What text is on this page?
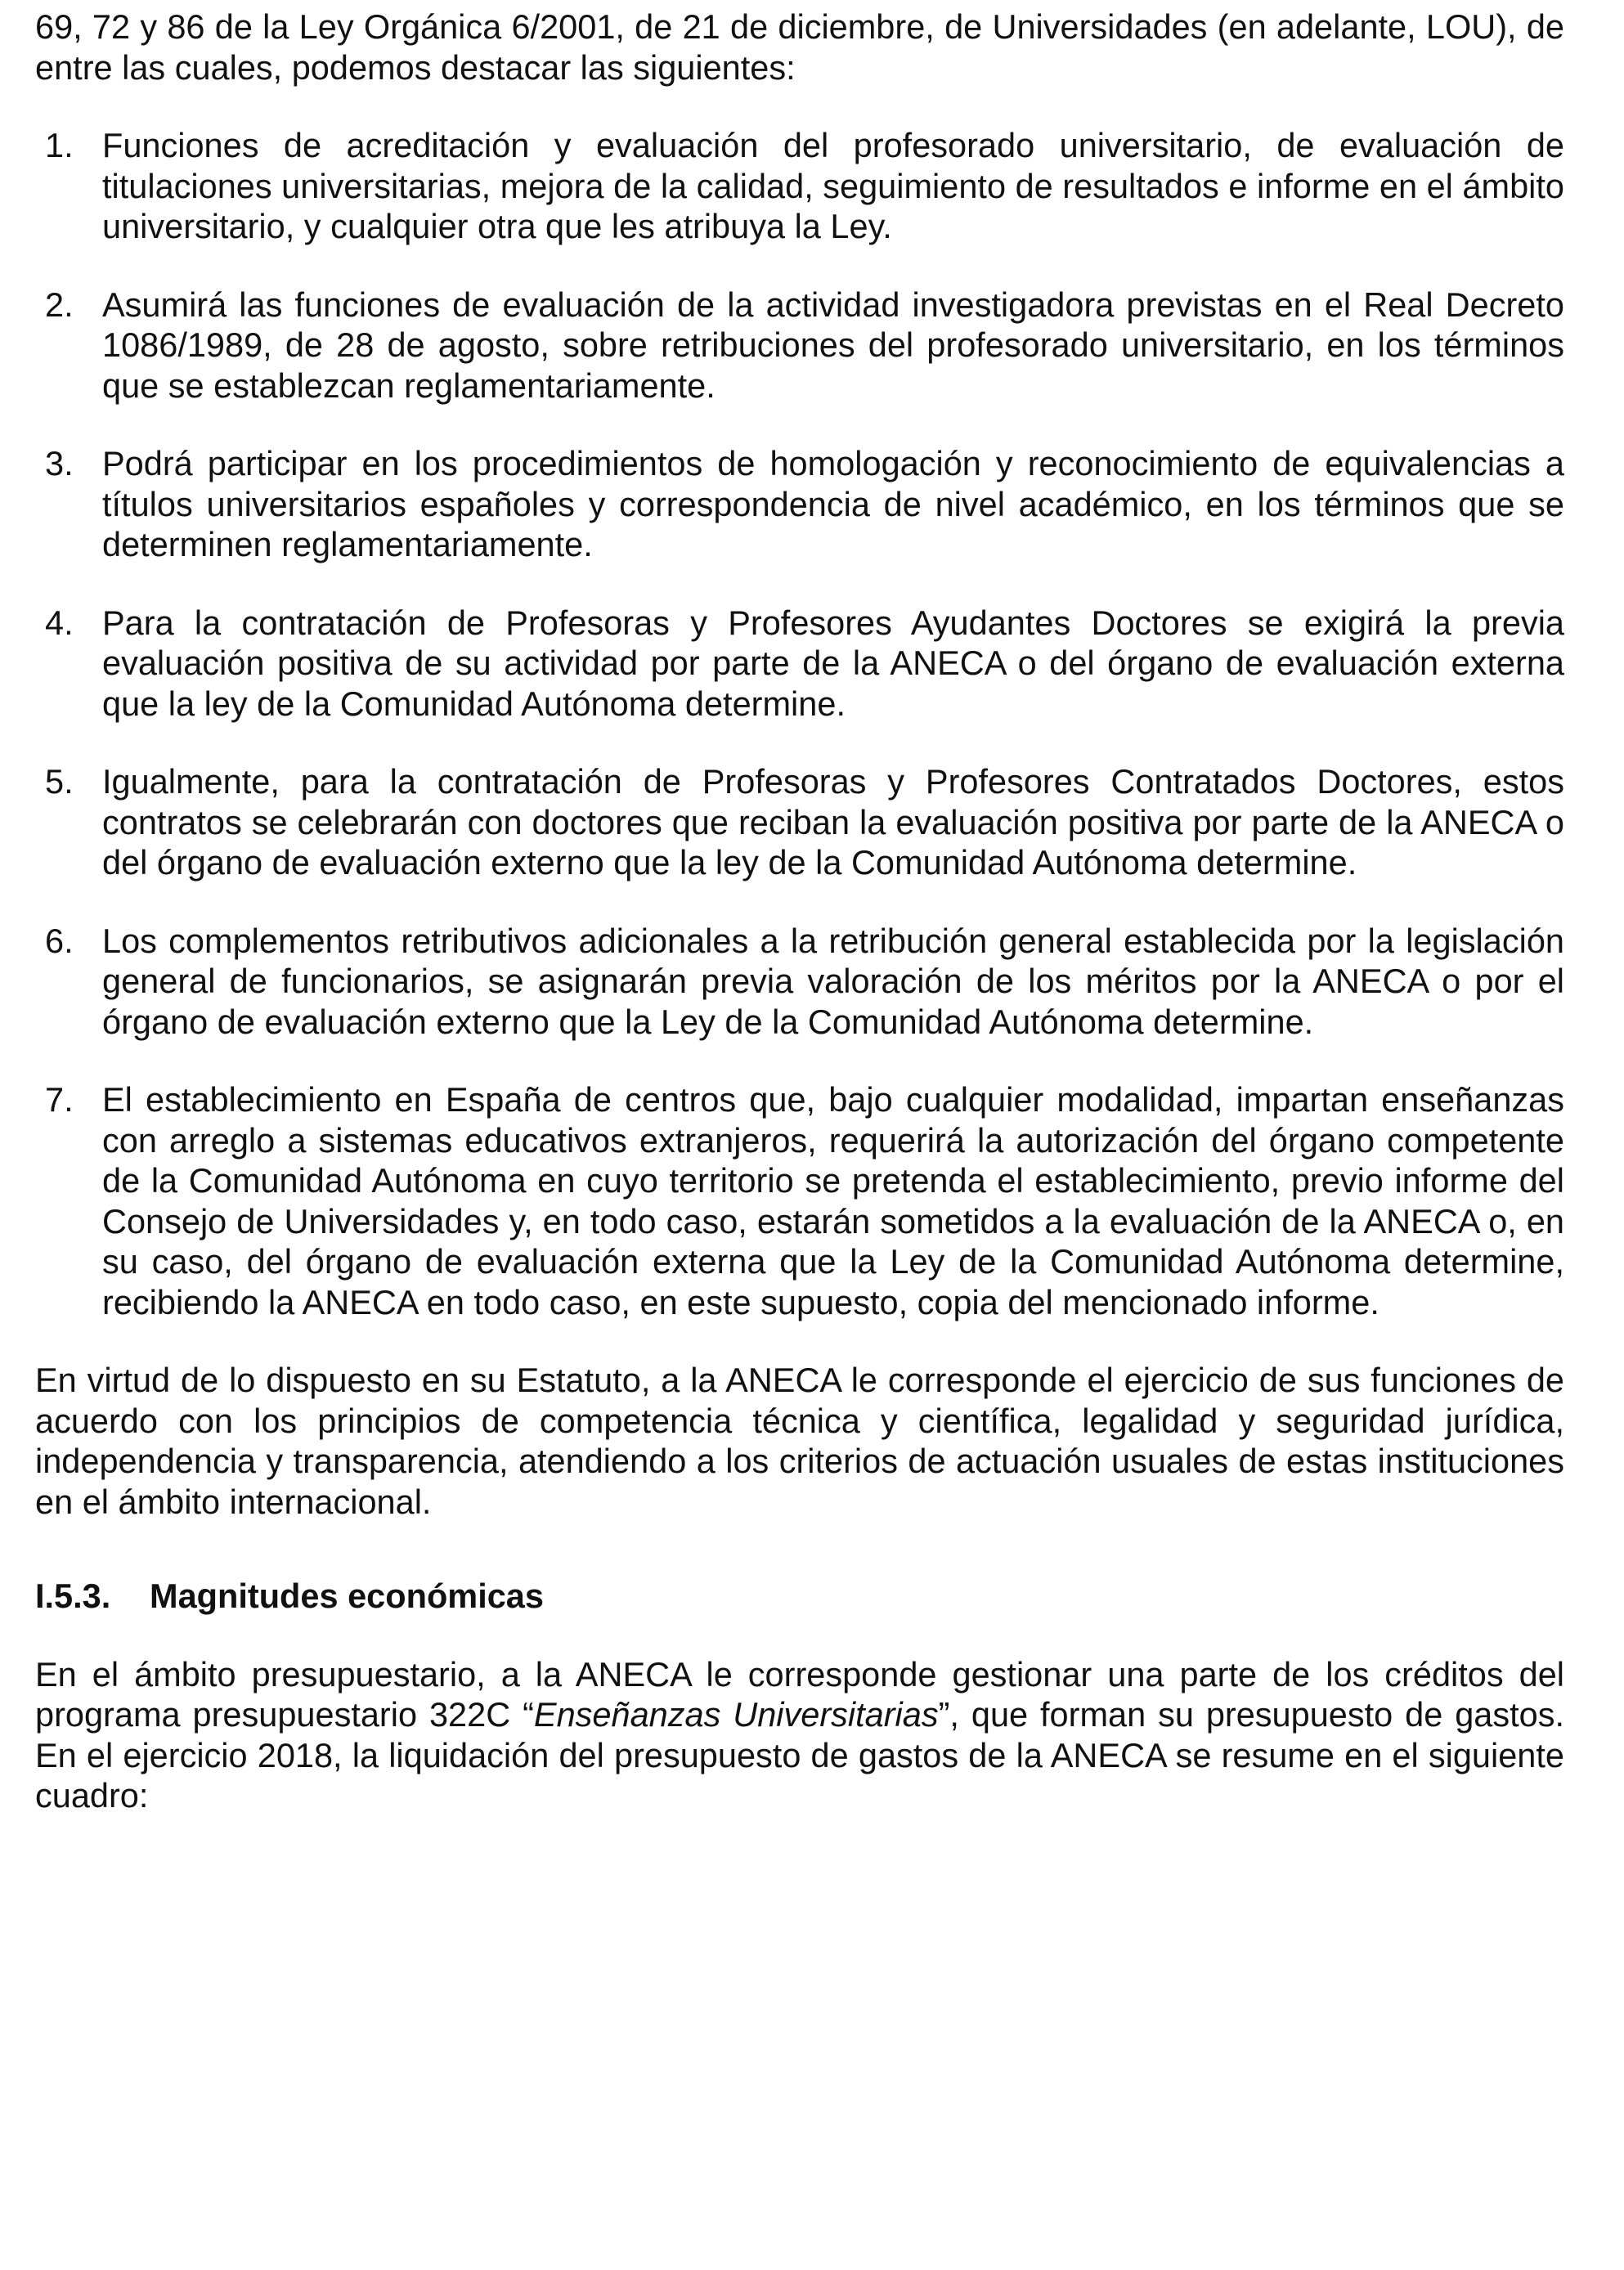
69, 72 y 86 de la Ley Orgánica 6/2001, de 21 de diciembre, de Universidades (en adelante, LOU), de entre las cuales, podemos destacar las siguientes:

1. Funciones de acreditación y evaluación del profesorado universitario, de evaluación de titulaciones universitarias, mejora de la calidad, seguimiento de resultados e informe en el ámbito universitario, y cualquier otra que les atribuya la Ley.
2. Asumirá las funciones de evaluación de la actividad investigadora previstas en el Real Decreto 1086/1989, de 28 de agosto, sobre retribuciones del profesorado universitario, en los términos que se establezcan reglamentariamente.
3. Podrá participar en los procedimientos de homologación y reconocimiento de equivalencias a títulos universitarios españoles y correspondencia de nivel académico, en los términos que se determinen reglamentariamente.
4. Para la contratación de Profesoras y Profesores Ayudantes Doctores se exigirá la previa evaluación positiva de su actividad por parte de la ANECA o del órgano de evaluación externa que la ley de la Comunidad Autónoma determine.
5. Igualmente, para la contratación de Profesoras y Profesores Contratados Doctores, estos contratos se celebrarán con doctores que reciban la evaluación positiva por parte de la ANECA o del órgano de evaluación externo que la ley de la Comunidad Autónoma determine.
6. Los complementos retributivos adicionales a la retribución general establecida por la legislación general de funcionarios, se asignarán previa valoración de los méritos por la ANECA o por el órgano de evaluación externo que la Ley de la Comunidad Autónoma determine.
7. El establecimiento en España de centros que, bajo cualquier modalidad, impartan enseñanzas con arreglo a sistemas educativos extranjeros, requerirá la autorización del órgano competente de la Comunidad Autónoma en cuyo territorio se pretenda el establecimiento, previo informe del Consejo de Universidades y, en todo caso, estarán sometidos a la evaluación de la ANECA o, en su caso, del órgano de evaluación externa que la Ley de la Comunidad Autónoma determine, recibiendo la ANECA en todo caso, en este supuesto, copia del mencionado informe.

En virtud de lo dispuesto en su Estatuto, a la ANECA le corresponde el ejercicio de sus funciones de acuerdo con los principios de competencia técnica y científica, legalidad y seguridad jurídica, independencia y transparencia, atendiendo a los criterios de actuación usuales de estas instituciones en el ámbito internacional.

I.5.3.	Magnitudes económicas

En el ámbito presupuestario, a la ANECA le corresponde gestionar una parte de los créditos del programa presupuestario 322C “Enseñanzas Universitarias”, que forman su presupuesto de gastos. En el ejercicio 2018, la liquidación del presupuesto de gastos de la ANECA se resume en el siguiente cuadro:
